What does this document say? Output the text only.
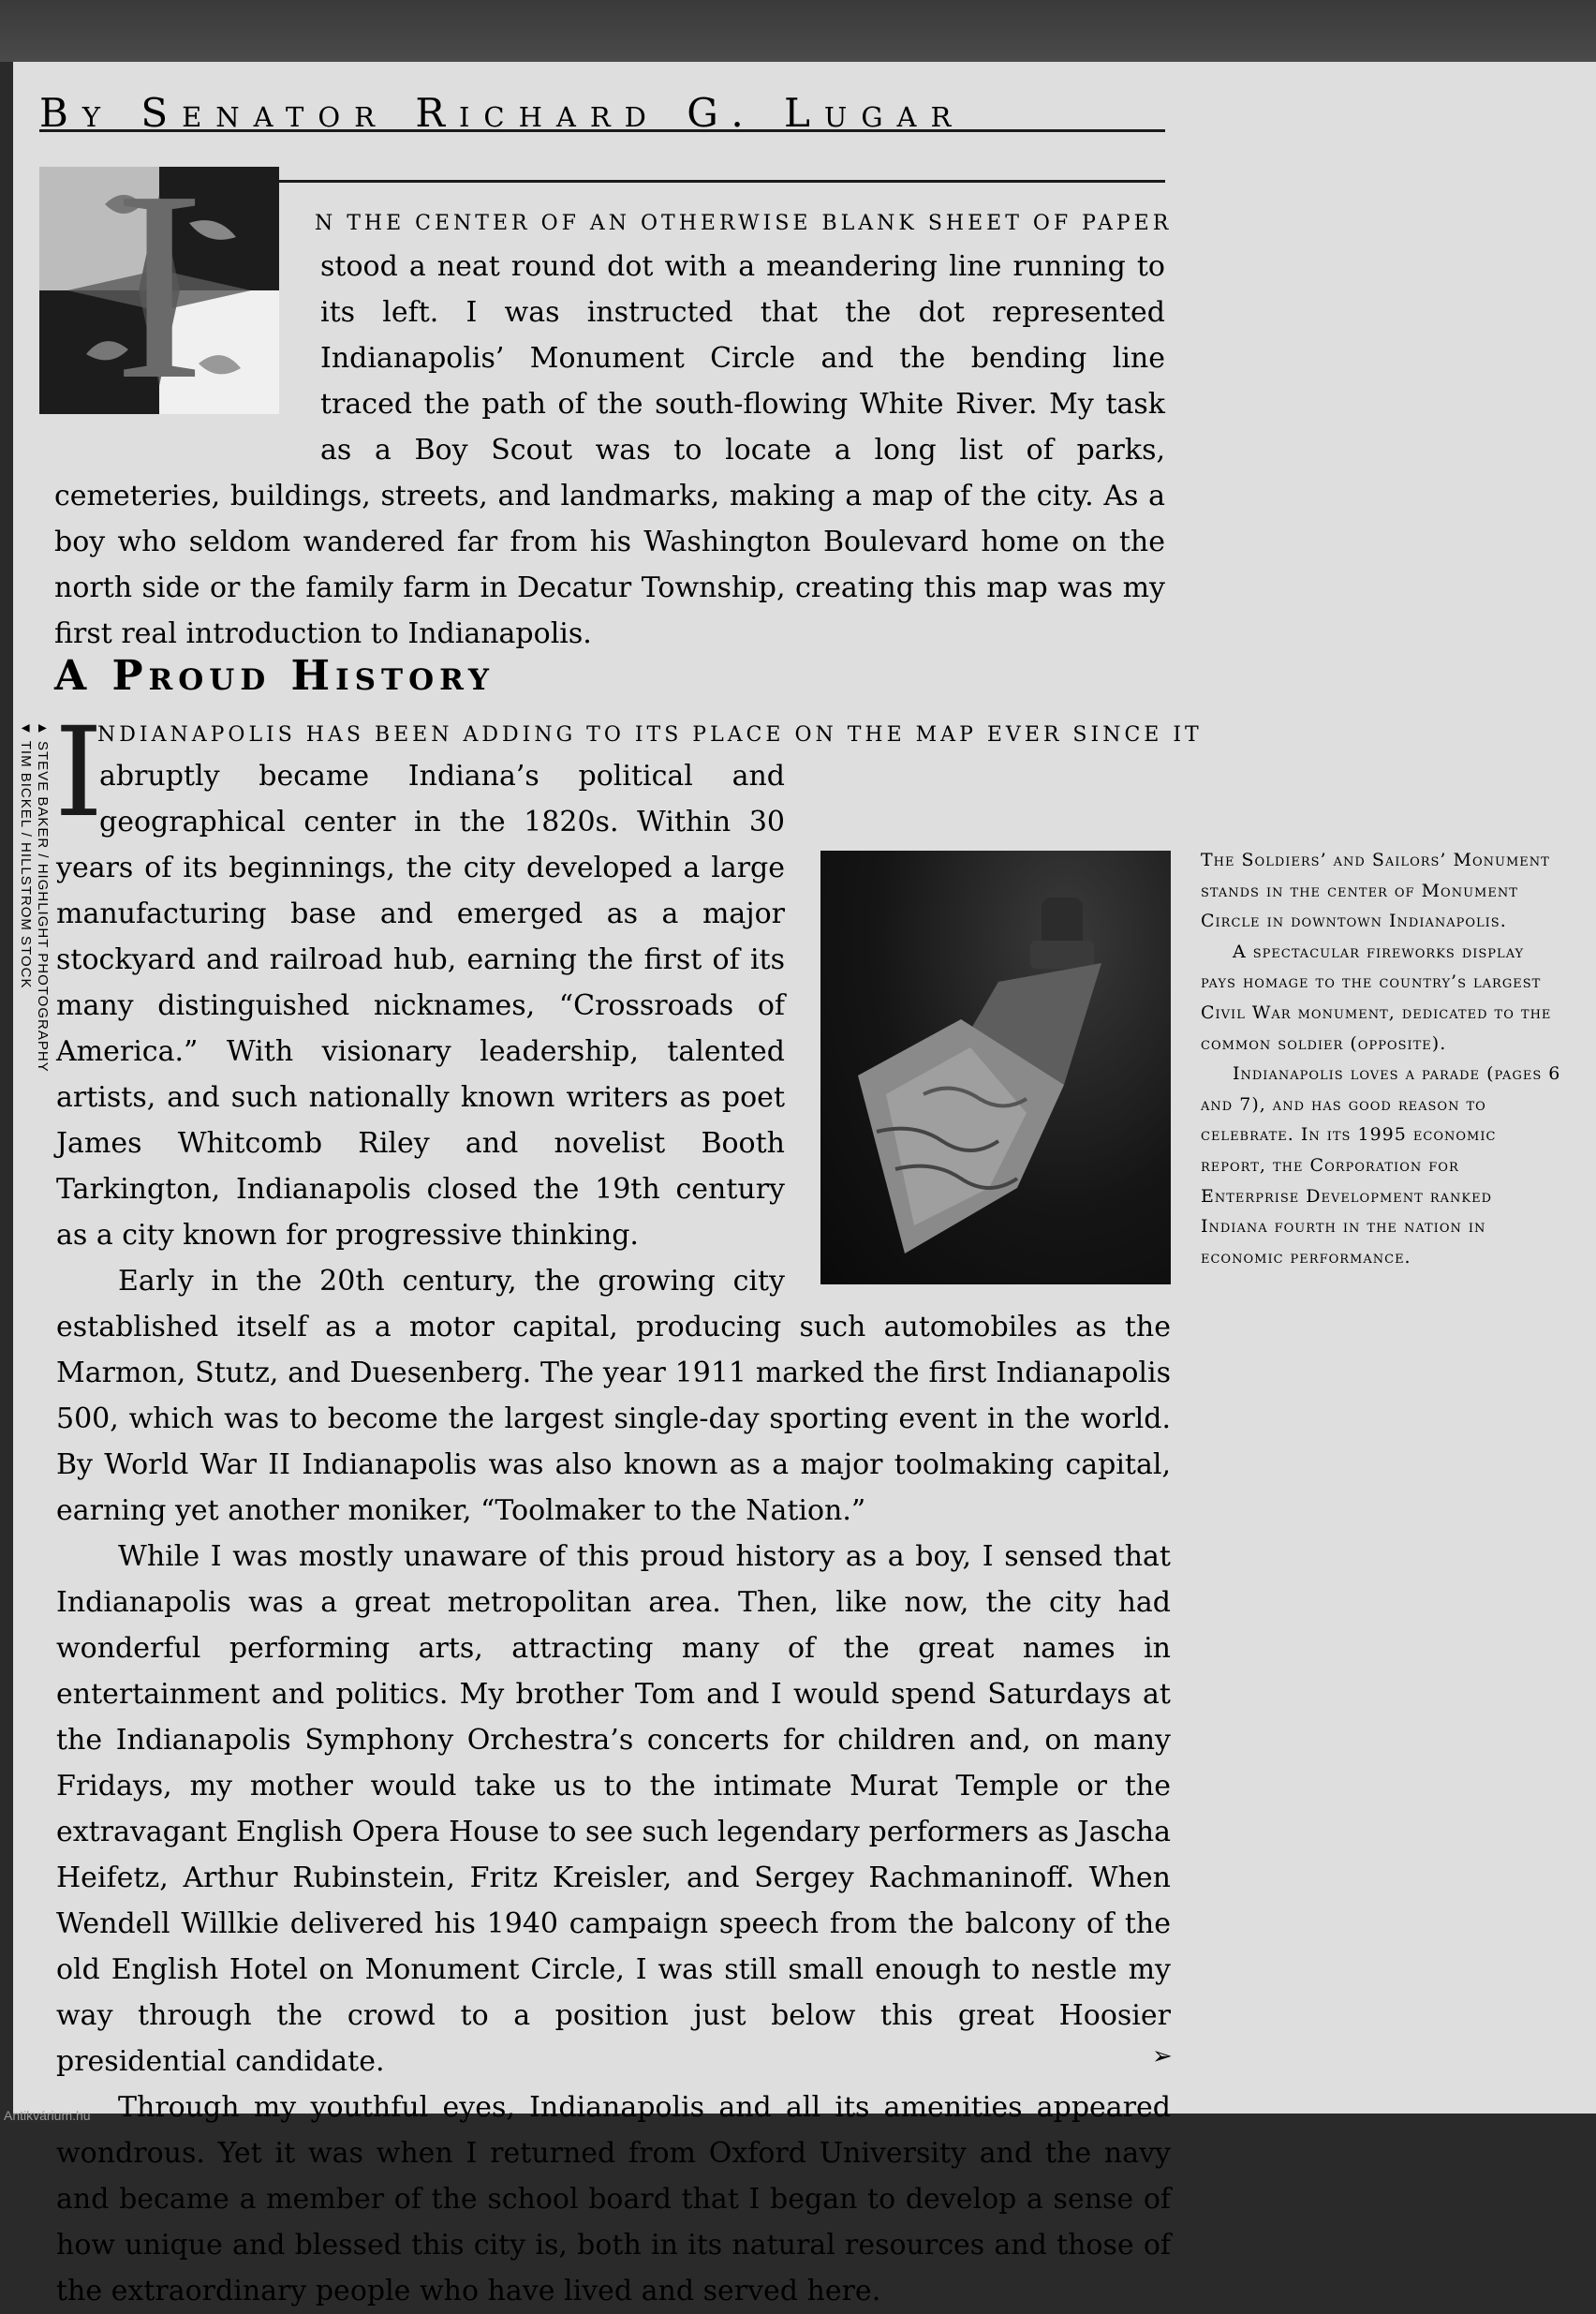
By Senator Richard G. Lugar
I	N THE CENTER OF AN OTHERWISE BLANK SHEET OF PAPER
stood a neat round dot with a meandering line running to its left. I was instructed that the dot represented Indianapolis’ Monument Circle and the bending line traced the path of the south-flowing White River. My task as a Boy Scout was to locate a long list of parks, cemeteries, buildings, streets, and landmarks, making a map of the city. As a boy who seldom wandered far from his Washington Boulevard home on the north side or the family farm in Decatur Township, creating this map was my first real introduction to Indianapolis.
A Proud History
▲ STEVE BAKER / HIGHLIGHT PHOTOGRAPHY
▼ TIM BICKEL / HILLSTROM STOCK I
NDIANAPOLIS HAS BEEN ADDING TO ITS PLACE ON THE MAP EVER SINCE IT

abruptly became Indiana’s political and geographical center in the 1820s. Within 30 years of its beginnings, the city developed a large manufacturing base and emerged as a major stockyard and railroad hub, earning the first of its many distinguished nicknames, “Crossroads of America.” With visionary leadership, talented artists, and such nationally known writers as poet James Whitcomb Riley and novelist Booth Tarkington, Indianapolis closed the 19th century as a city known for progressive thinking.

Early in the 20th century, the growing city established itself as a motor capital, producing such automobiles as the Marmon, Stutz, and Duesenberg. The year 1911 marked the first Indianapolis 500, which was to become the largest single-day sporting event in the world. By World War II Indianapolis was also known as a major toolmaking capital, earning yet another moniker, “Toolmaker to the Nation.”

While I was mostly unaware of this proud history as a boy, I sensed that Indianapolis was a great metropolitan area. Then, like now, the city had wonderful performing arts, attracting many of the great names in entertainment and politics. My brother Tom and I would spend Saturdays at the Indianapolis Symphony Orchestra’s concerts for children and, on many Fridays, my mother would take us to the intimate Murat Temple or the extravagant English Opera House to see such legendary performers as Jascha Heifetz, Arthur Rubinstein, Fritz Kreisler, and Sergey Rachmaninoff. When Wendell Willkie delivered his 1940 campaign speech from the balcony of the old English Hotel on Monument Circle, I was still small enough to nestle my way through the crowd to a position just below this great Hoosier presidential candidate.

Through my youthful eyes, Indianapolis and all its amenities appeared wondrous. Yet it was when I returned from Oxford University and the navy and became a member of the school board that I began to develop a sense of how unique and blessed this city is, both in its natural resources and those of the extraordinary people who have lived and served here.

The Soldiers’ and Sailors’ Monument stands in the center of Monument Circle in downtown Indianapolis.

A spectacular fireworks display pays homage to the country’s largest Civil War monument, dedicated to the common soldier (opposite).

Indianapolis loves a parade (pages 6 and 7), and has good reason to celebrate. In its 1995 economic report, the Corporation for Enterprise Development ranked Indiana fourth in the nation in economic performance.

➢
Antikvárium.hu
